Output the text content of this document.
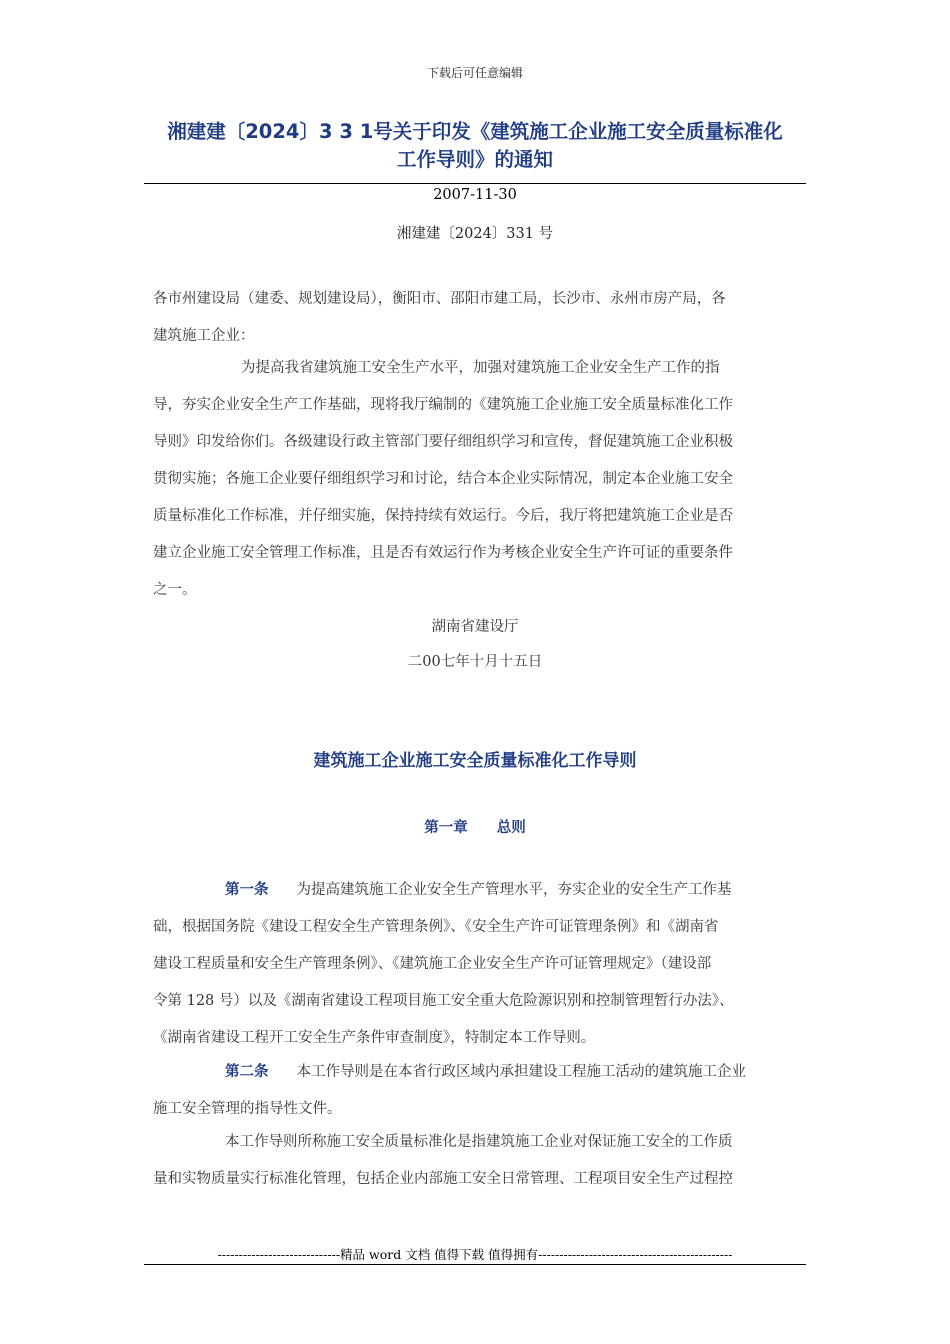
下载后可任意编辑
湘建建〔2024〕3 3 1号关于印发《建筑施工企业施工安全质量标准化
工作导则》的通知
2007-11-30
湘建建〔2024〕331 号
各市州建设局（建委、规划建设局），衡阳市、邵阳市建工局，长沙市、永州市房产局，各
建筑施工企业：
为提高我省建筑施工安全生产水平，加强对建筑施工企业安全生产工作的指
导，夯实企业安全生产工作基础，现将我厅编制的《建筑施工企业施工安全质量标准化工作
导则》印发给你们。各级建设行政主管部门要仔细组织学习和宣传，督促建筑施工企业积极
贯彻实施；各施工企业要仔细组织学习和讨论，结合本企业实际情况，制定本企业施工安全
质量标准化工作标准，并仔细实施，保持持续有效运行。今后，我厅将把建筑施工企业是否
建立企业施工安全管理工作标准，且是否有效运行作为考核企业安全生产许可证的重要条件
之一。
湖南省建设厅
二00七年十月十五日
建筑施工企业施工安全质量标准化工作导则
第一章　　总则
第一条 为提高建筑施工企业安全生产管理水平，夯实企业的安全生产工作基
础，根据国务院《建设工程安全生产管理条例》、《安全生产许可证管理条例》和《湖南省
建设工程质量和安全生产管理条例》、《建筑施工企业安全生产许可证管理规定》（建设部
令第 128 号）以及《湖南省建设工程项目施工安全重大危险源识别和控制管理暂行办法》、
《湖南省建设工程开工安全生产条件审查制度》，特制定本工作导则。
第二条 本工作导则是在本省行政区域内承担建设工程施工活动的建筑施工企业
施工安全管理的指导性文件。
本工作导则所称施工安全质量标准化是指建筑施工企业对保证施工安全的工作质
量和实物质量实行标准化管理，包括企业内部施工安全日常管理、工程项目安全生产过程控
-----------------------------精品 word 文档 值得下载 值得拥有----------------------------------------------
